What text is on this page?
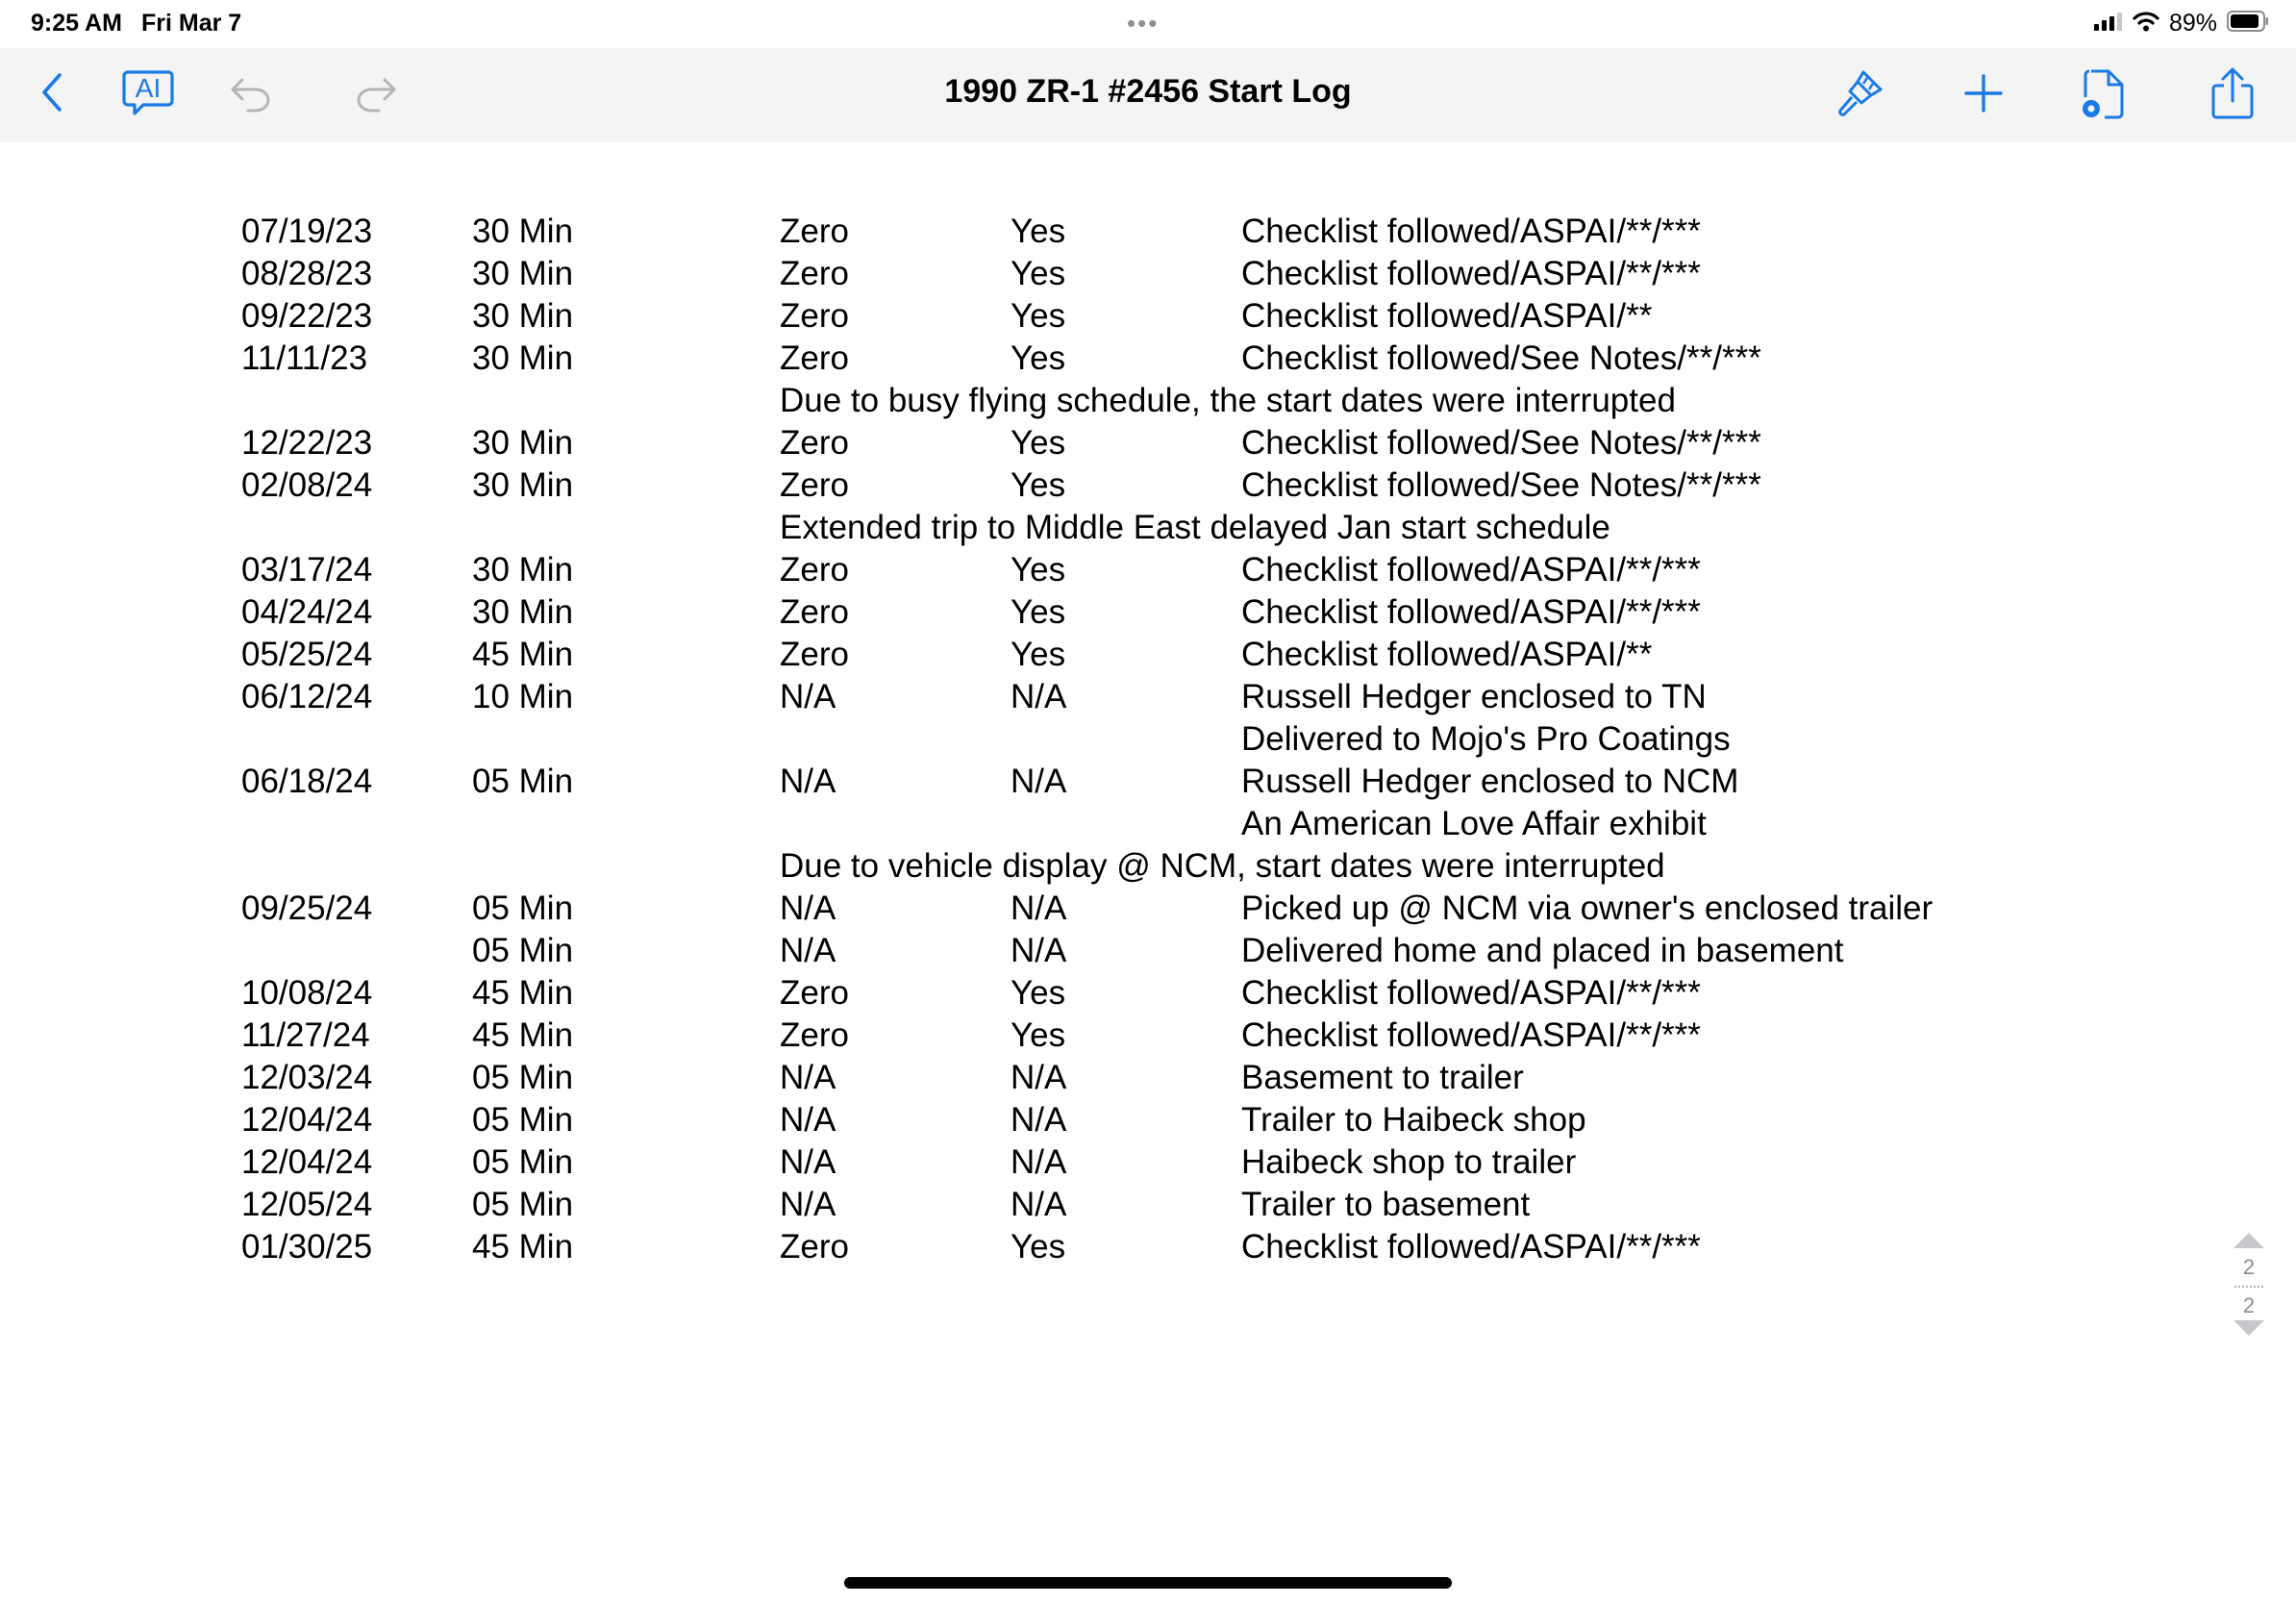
9:25 AM Fri Mar 7	•••	89%
AI	1990 ZR-1 #2456 Start Log
07/19/23	30 Min	Zero	Yes	Checklist followed/ASPAI/**/***
08/28/23	30 Min	Zero	Yes	Checklist followed/ASPAI/**/***
09/22/23	30 Min	Zero	Yes	Checklist followed/ASPAI/**
11/11/23	30 Min	Zero	Yes	Checklist followed/See Notes/**/***
Due to busy flying schedule, the start dates were interrupted
12/22/23	30 Min	Zero	Yes	Checklist followed/See Notes/**/***
02/08/24	30 Min	Zero	Yes	Checklist followed/See Notes/**/***
Extended trip to Middle East delayed Jan start schedule
03/17/24	30 Min	Zero	Yes	Checklist followed/ASPAI/**/***
04/24/24	30 Min	Zero	Yes	Checklist followed/ASPAI/**/***
05/25/24	45 Min	Zero	Yes	Checklist followed/ASPAI/**
06/12/24	10 Min	N/A	N/A	Russell Hedger enclosed to TN
Delivered to Mojo's Pro Coatings
06/18/24	05 Min	N/A	N/A	Russell Hedger enclosed to NCM
An American Love Affair exhibit
Due to vehicle display @ NCM, start dates were interrupted
09/25/24	05 Min	N/A	N/A	Picked up @ NCM via owner's enclosed trailer
05 Min	N/A	N/A	Delivered home and placed in basement
10/08/24	45 Min	Zero	Yes	Checklist followed/ASPAI/**/***
11/27/24	45 Min	Zero	Yes	Checklist followed/ASPAI/**/***
12/03/24	05 Min	N/A	N/A	Basement to trailer
12/04/24	05 Min	N/A	N/A	Trailer to Haibeck shop
12/04/24	05 Min	N/A	N/A	Haibeck shop to trailer
12/05/24	05 Min	N/A	N/A	Trailer to basement
01/30/25	45 Min	Zero	Yes	Checklist followed/ASPAI/**/***
2
2
